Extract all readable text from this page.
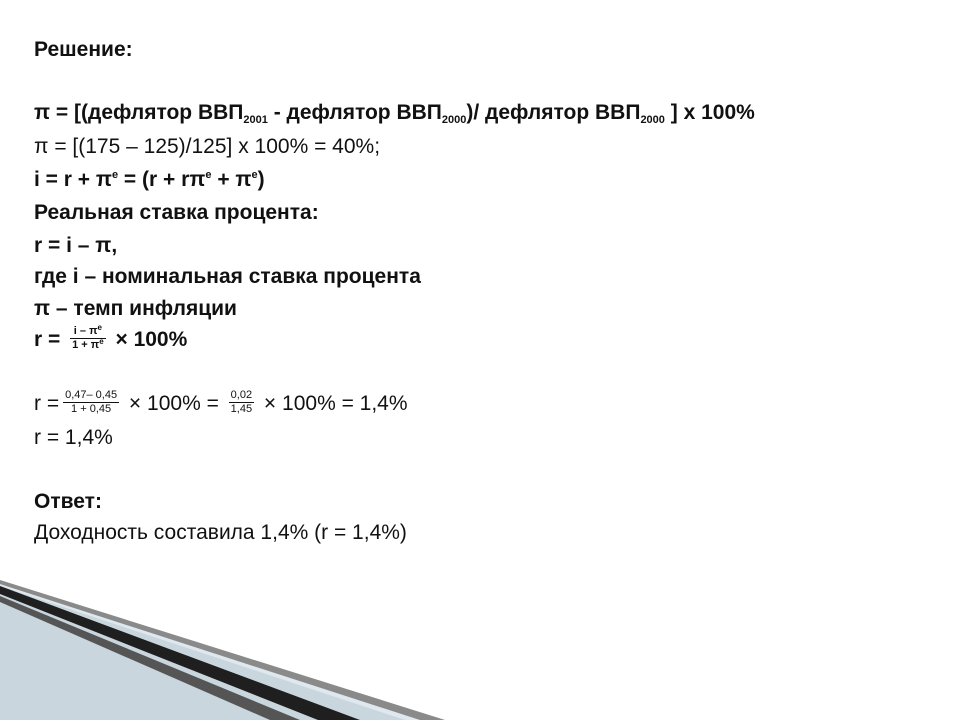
Решение:
π = [(дефлятор $ВВП_{2001}$ - дефлятор $ВВП_{2000})/$ дефлятор $ВВП_{2000}$ ] х 100%
π = [(175 – 125)/125] х 100% = 40%;
$i = r + \pi^е = (r + r\pi^е + \pi^е)$
Реальная ставка процента:
r = i – π,
где i – номинальная ставка процента
π – темп инфляции
$r = \frac{i - \pi^е}{1 + \pi^е} \times 100\%$
$r = \frac{0,47- 0,45}{1 + 0,45} \times 100\% = \frac{0,02}{1,45} \times 100\% = 1,4\%$
r = 1,4%
Ответ:
Доходность составила 1,4% (r = 1,4%)
